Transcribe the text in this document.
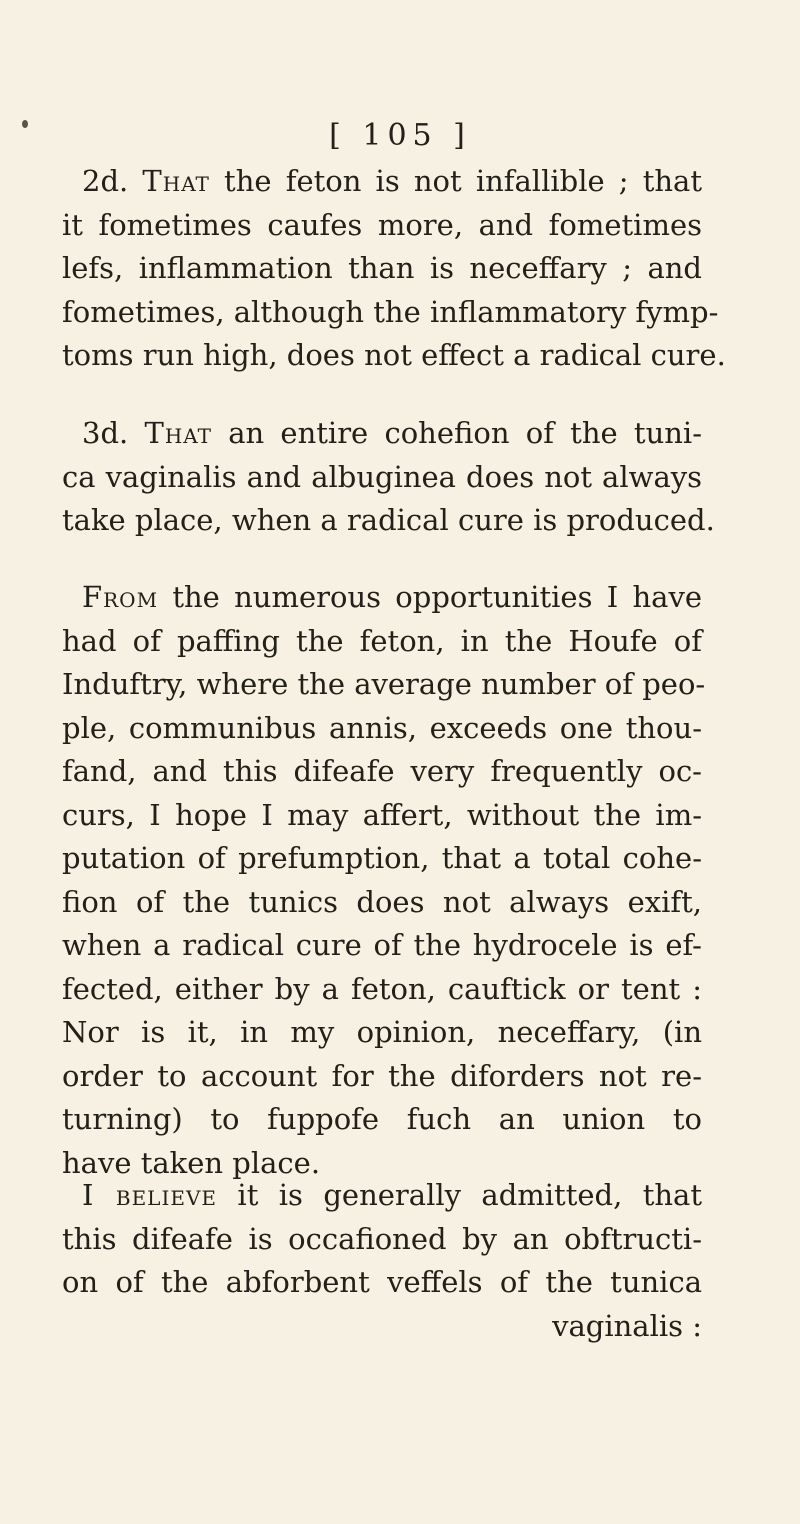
[ 105 ]
2d. That the feton is not infallible ; that
it fometimes caufes more, and fometimes
lefs, inflammation than is neceffary ; and
fometimes, although the inflammatory fymp-
toms run high, does not effect a radical cure.
3d. That an entire cohefion of the tuni-
ca vaginalis and albuginea does not always
take place, when a radical cure is produced.
From the numerous opportunities I have
had of paffing the feton, in the Houfe of
Induftry, where the average number of peo-
ple, communibus annis, exceeds one thou-
fand, and this difeafe very frequently oc-
curs, I hope I may affert, without the im-
putation of prefumption, that a total cohe-
fion of the tunics does not always exift,
when a radical cure of the hydrocele is ef-
fected, either by a feton, cauftick or tent :
Nor is it, in my opinion, neceffary, (in
order to account for the diforders not re-
turning) to fuppofe fuch an union to
have taken place.
I believe it is generally admitted, that
this difeafe is occafioned by an obftructi-
on of the abforbent veffels of the tunica
vaginalis :
